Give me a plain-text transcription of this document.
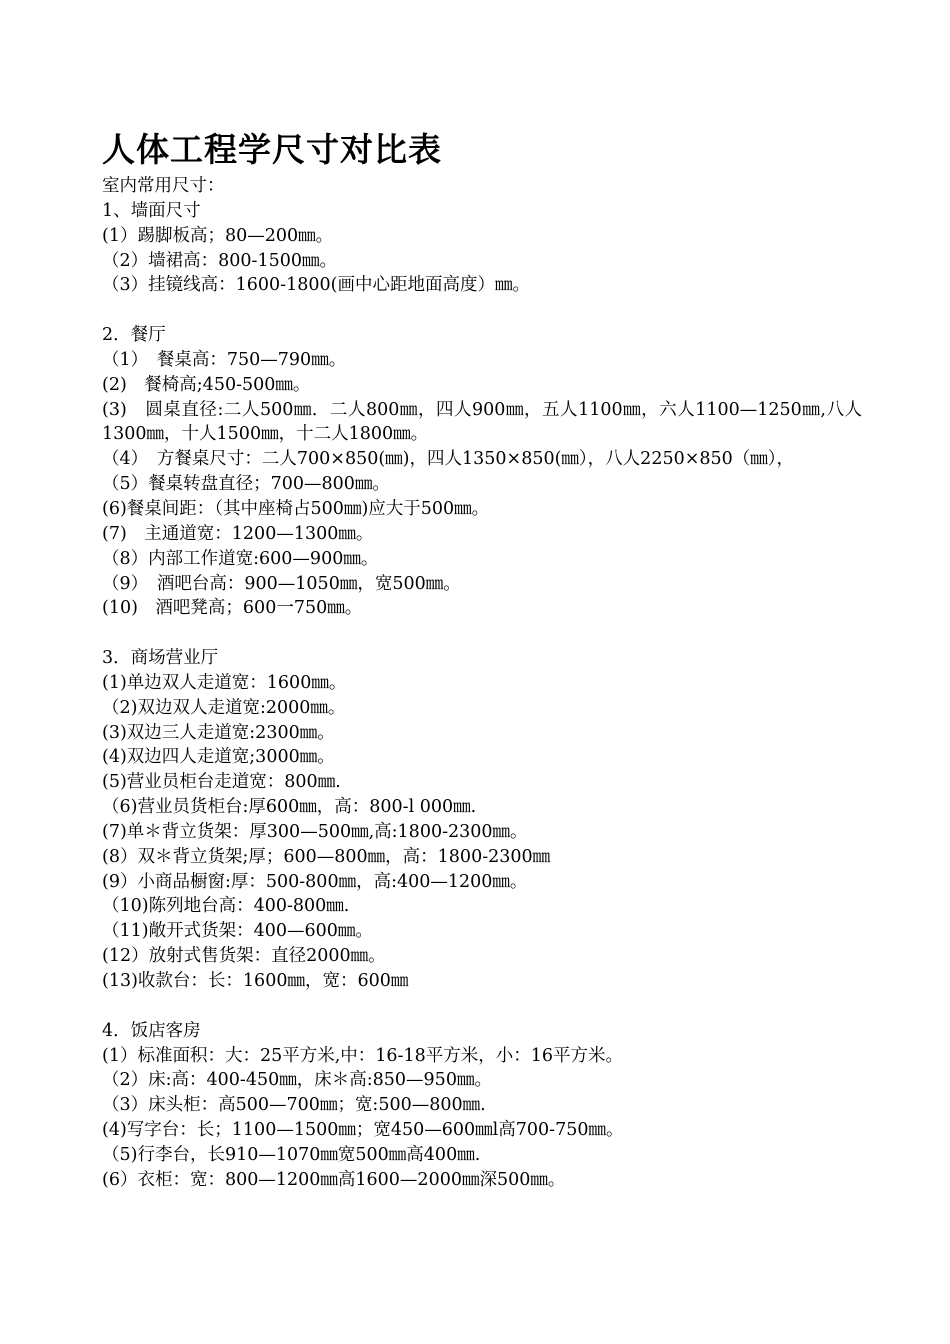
人体工程学尺寸对比表
室内常用尺寸：
1、墙面尺寸
(1）踢脚板高；80—200㎜。
（2）墙裙高：800-1500㎜。
（3）挂镜线高：1600-1800(画中心距地面高度）㎜。
2．餐厅
（1）　餐桌高：750—790㎜。
(2)　餐椅高;450-500㎜。
(3)　圆桌直径:二人500㎜．二人800㎜，四人900㎜，五人1100㎜，六人1100—1250㎜,八人1300㎜，十人1500㎜，十二人1800㎜。
（4）　方餐桌尺寸：二人700×850(㎜)，四人1350×850(㎜），八人2250×850（㎜），
（5）餐桌转盘直径；700—800㎜。
(6)餐桌间距：（其中座椅占500㎜)应大于500㎜。
(7)　主通道宽：1200—1300㎜。
（8）内部工作道宽:600—900㎜。
（9）　酒吧台高：900—1050㎜，宽500㎜。
(10)　酒吧凳高；600一750㎜。
3．商场营业厅
(1)单边双人走道宽：1600㎜。
（2)双边双人走道宽:2000㎜。
(3)双边三人走道宽:2300㎜。
(4)双边四人走道宽;3000㎜。
(5)营业员柜台走道宽：800㎜.
（6)营业员货柜台:厚600㎜，高：800-l 000㎜.
(7)单＊背立货架：厚300—500㎜,高:1800-2300㎜。
(8）双＊背立货架;厚；600—800㎜，高：1800-2300㎜
(9）小商品橱窗:厚：500-800㎜，高:400—1200㎜。
（10)陈列地台高：400-800㎜.
（11)敞开式货架：400—600㎜。
(12）放射式售货架：直径2000㎜。
(13)收款台：长：1600㎜，宽：600㎜
4．饭店客房
(1）标准面积：大：25平方米,中：16-18平方米，小：16平方米。
（2）床:高：400-450㎜，床＊高:850—950㎜。
（3）床头柜：高500—700㎜；宽:500—800㎜.
(4)写字台：长；1100—1500㎜；宽450—600㎜l高700-750㎜。
（5)行李台，长910—1070㎜宽500㎜高400㎜.
(6）衣柜：宽：800—1200㎜高1600—2000㎜深500㎜。
